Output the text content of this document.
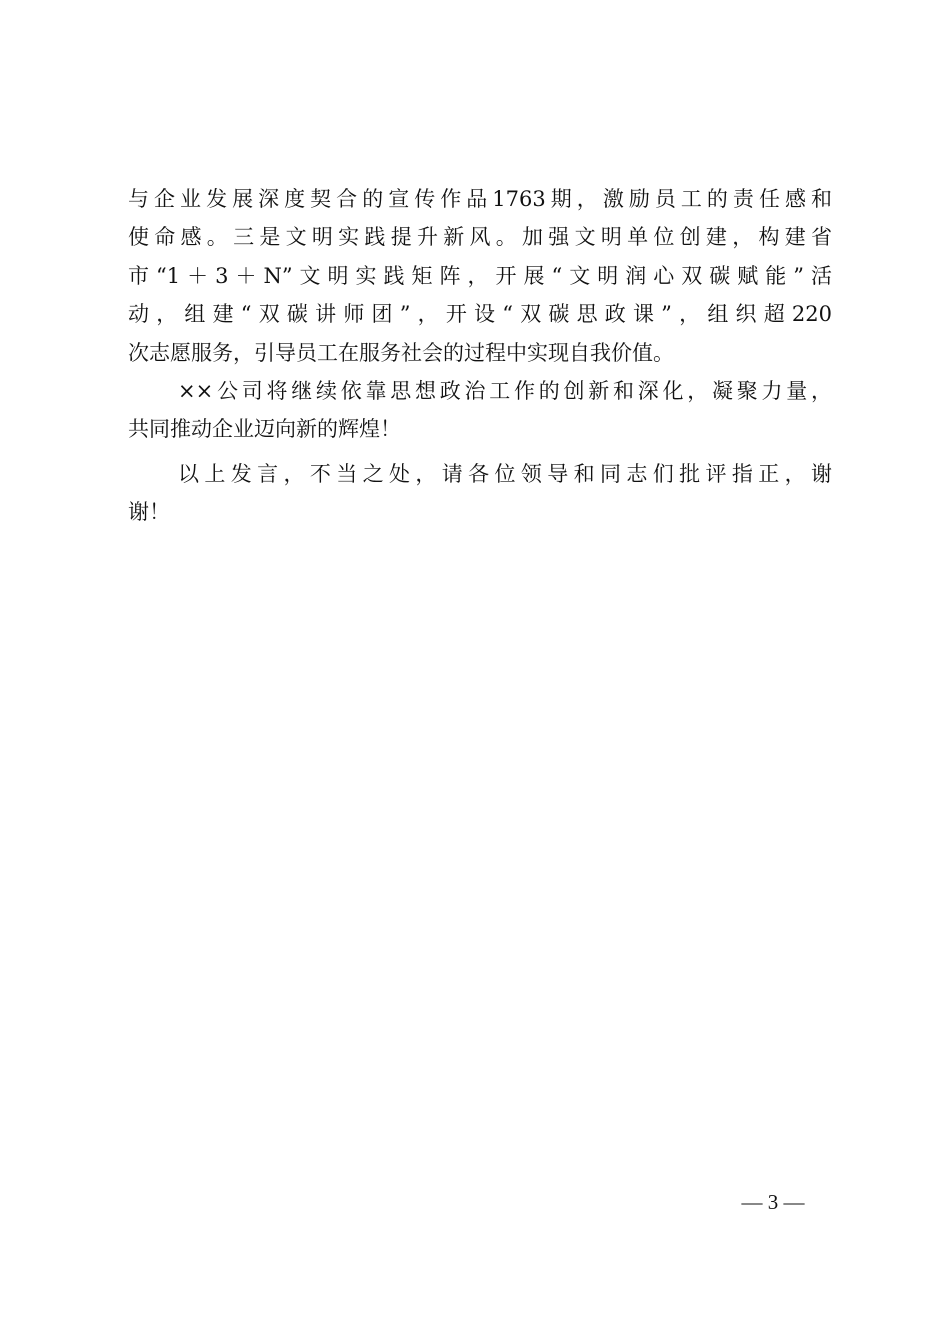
与企业发展深度契合的宣传作品1763期，激励员工的责任感和
使命感。三是文明实践提升新风。加强文明单位创建，构建省
市“1＋3＋N”文明实践矩阵，开展“文明润心双碳赋能”活
动，组建“双碳讲师团”，开设“双碳思政课”，组织超220
次志愿服务，引导员工在服务社会的过程中实现自我价值。
××公司将继续依靠思想政治工作的创新和深化，凝聚力量，
共同推动企业迈向新的辉煌！
以上发言，不当之处，请各位领导和同志们批评指正，谢
谢！
— 3 —
